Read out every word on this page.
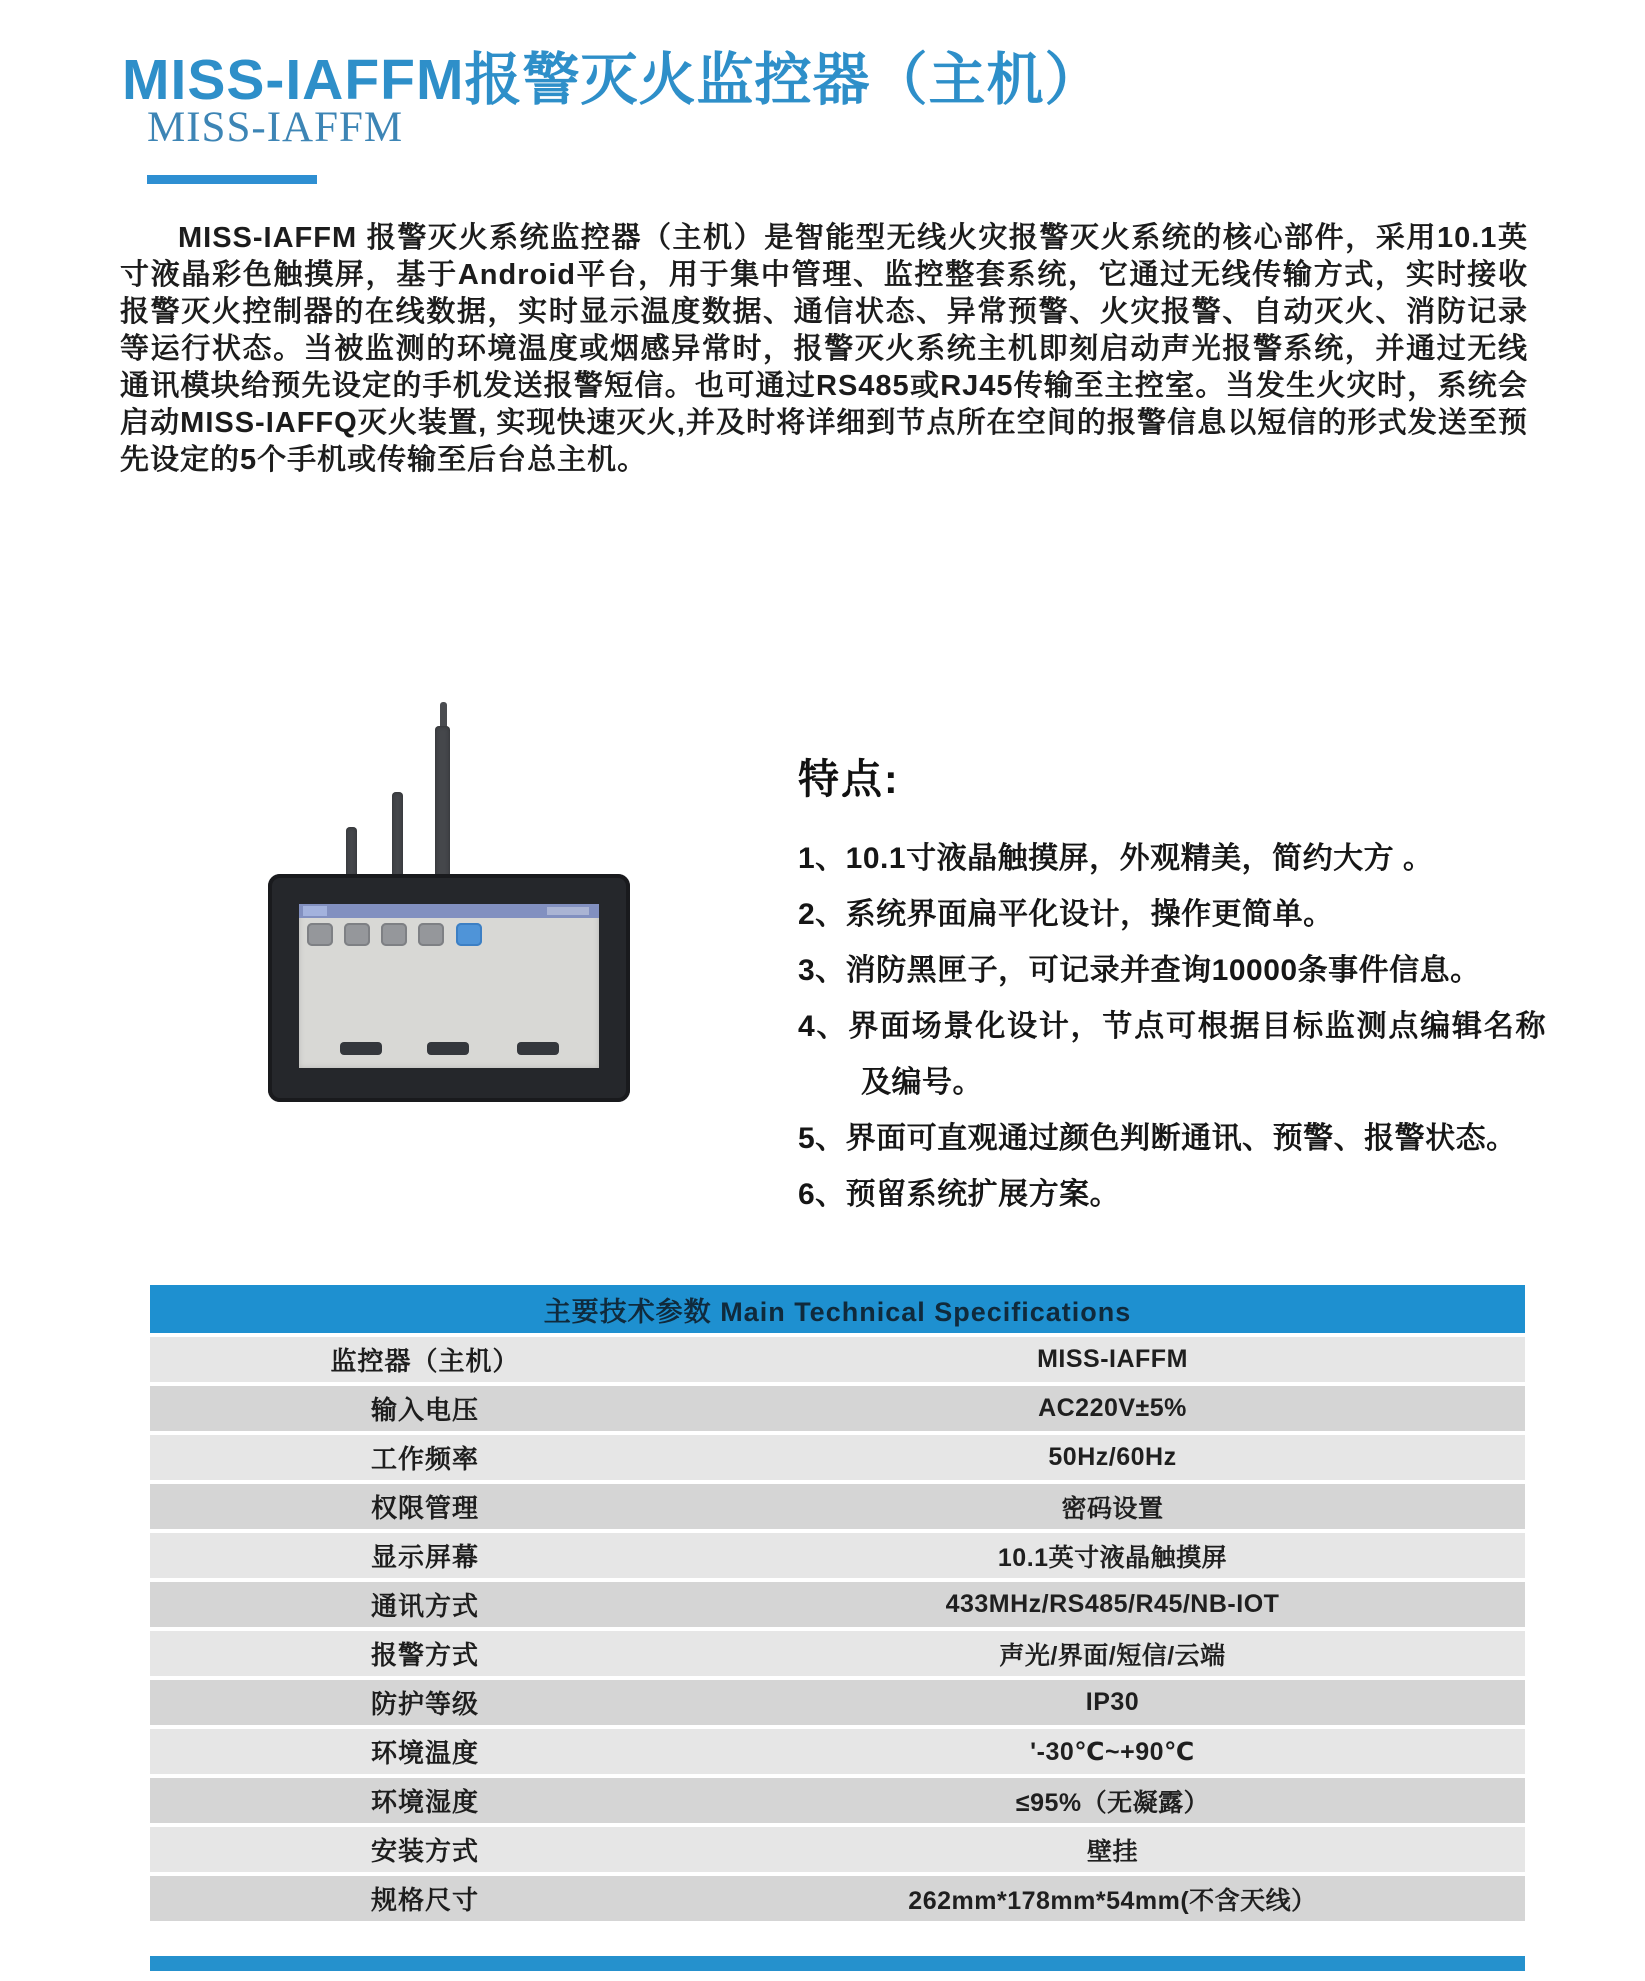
MISS-IAFFM报警灭火监控器（主机）
MISS-IAFFM

MISS-IAFFM 报警灭火系统监控器（主机）是智能型无线火灾报警灭火系统的核心部件，采用10.1英寸液晶彩色触摸屏，基于Android平台，用于集中管理、监控整套系统，它通过无线传输方式，实时接收报警灭火控制器的在线数据，实时显示温度数据、通信状态、异常预警、火灾报警、自动灭火、消防记录等运行状态。当被监测的环境温度或烟感异常时，报警灭火系统主机即刻启动声光报警系统，并通过无线通讯模块给预先设定的手机发送报警短信。也可通过RS485或RJ45传输至主控室。当发生火灾时，系统会启动MISS-IAFFQ灭火装置, 实现快速灭火,并及时将详细到节点所在空间的报警信息以短信的形式发送至预先设定的5个手机或传输至后台总主机。

特点:
1、10.1寸液晶触摸屏，外观精美，简约大方 。
2、系统界面扁平化设计，操作更简单。
3、消防黑匣子，可记录并查询10000条事件信息。
4、界面场景化设计，节点可根据目标监测点编辑名称及编号。
5、界面可直观通过颜色判断通讯、预警、报警状态。
6、预留系统扩展方案。
主要技术参数 Main Technical Specifications
监控器（主机）	MISS-IAFFM
输入电压	AC220V±5%
工作频率	50Hz/60Hz
权限管理	密码设置
显示屏幕	10.1英寸液晶触摸屏
通讯方式	433MHz/RS485/R45/NB-IOT
报警方式	声光/界面/短信/云端
防护等级	IP30
环境温度	'-30℃~+90℃
环境湿度	≤95%（无凝露）
安装方式	壁挂
规格尺寸	262mm*178mm*54mm(不含天线）
